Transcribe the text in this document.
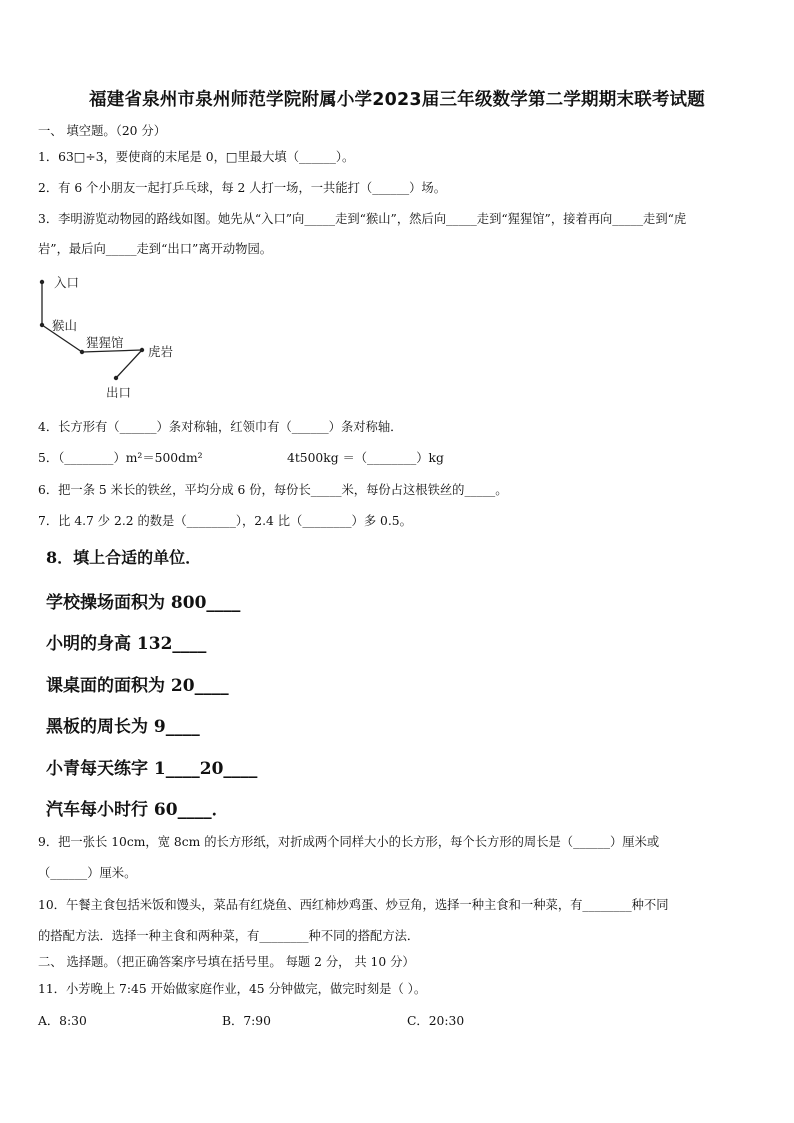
福建省泉州市泉州师范学院附属小学2023届三年级数学第二学期期末联考试题
一、 填空题。（20 分）
1．63□÷3，要使商的末尾是 0，□里最大填（______）。
2．有 6 个小朋友一起打乒乓球，每 2 人打一场，一共能打（______）场。
3．李明游览动物园的路线如图。她先从“入口”向_____走到“猴山”，然后向_____走到“猩猩馆”，接着再向_____走到“虎
岩”，最后向_____走到“出口”离开动物园。
入口
猴山
猩猩馆
虎岩
出口
4．长方形有（______）条对称轴，红领巾有（______）条对称轴．
5．（________）m²＝500dm²	4t500kg ＝（________）kg
6．把一条 5 米长的铁丝，平均分成 6 份，每份长_____米，每份占这根铁丝的_____。
7．比 4.7 少 2.2 的数是（________），2.4 比（________）多 0.5。
8．填上合适的单位．
学校操场面积为 800____
小明的身高 132____
课桌面的面积为 20____
黑板的周长为 9____
小青每天练字 1____20____
汽车每小时行 60____．
9．把一张长 10cm，宽 8cm 的长方形纸，对折成两个同样大小的长方形，每个长方形的周长是（______）厘米或
（______）厘米。
10．午餐主食包括米饭和馒头，菜品有红烧鱼、西红柿炒鸡蛋、炒豆角，选择一种主食和一种菜，有________种不同
的搭配方法．选择一种主食和两种菜，有________种不同的搭配方法．
二、 选择题。（把正确答案序号填在括号里。 每题 2 分， 共 10 分）
11．小芳晚上 7:45 开始做家庭作业，45 分钟做完，做完时刻是（ ）。
A．8:30	B．7:90	C．20:30
